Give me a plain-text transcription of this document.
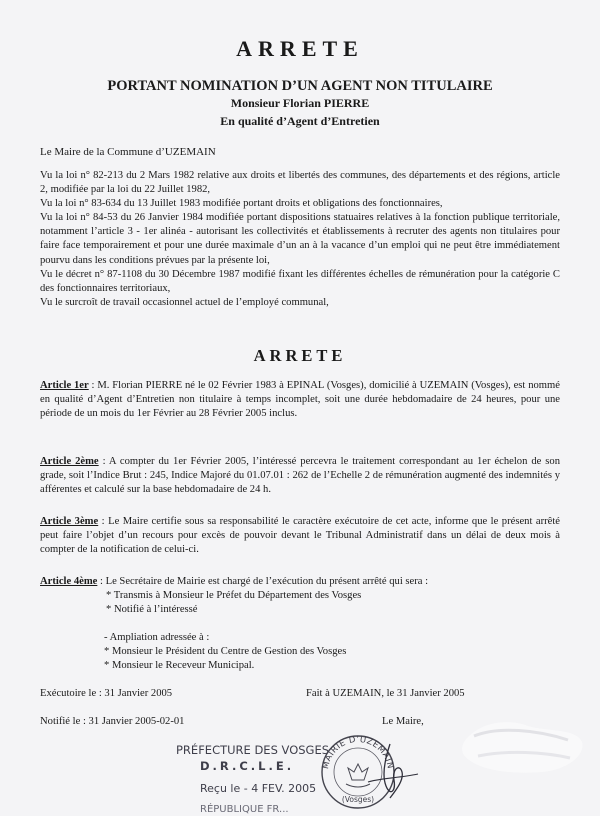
ARRETE
PORTANT NOMINATION D’UN AGENT NON TITULAIRE
Monsieur Florian PIERRE
En qualité d’Agent d’Entretien
Le Maire de la Commune d’UZEMAIN

Vu la loi n° 82-213 du 2 Mars 1982 relative aux droits et libertés des communes, des départements et des régions, article 2, modifiée par la loi du 22 Juillet 1982,

Vu la loi n° 83-634 du 13 Juillet 1983 modifiée portant droits et obligations des fonctionnaires,

Vu la loi n° 84-53 du 26 Janvier 1984 modifiée portant dispositions statuaires relatives à la fonction publique territoriale, notamment l’article 3 - 1er alinéa - autorisant les collectivités et établissements à recruter des agents non titulaires pour faire face temporairement et pour une durée maximale d’un an à la vacance d’un emploi qui ne peut être immédiatement pourvu dans les conditions prévues par la présente loi,

Vu le décret n° 87-1108 du 30 Décembre 1987 modifié fixant les différentes échelles de rémunération pour la catégorie C des fonctionnaires territoriaux,

Vu le surcroît de travail occasionnel actuel de l’employé communal,

ARRETE
Article 1er : M. Florian PIERRE né le 02 Février 1983 à EPINAL (Vosges), domicilié à UZEMAIN (Vosges), est nommé en qualité d’Agent d’Entretien non titulaire à temps incomplet, soit une durée hebdomadaire de 24 heures, pour une période de un mois du 1er Février au 28 Février 2005 inclus.
Article 2ème : A compter du 1er Février 2005, l’intéressé percevra le traitement correspondant au 1er échelon de son grade, soit l’Indice Brut : 245, Indice Majoré du 01.07.01 : 262 de l’Echelle 2 de rémunération augmenté des indemnités y afférentes et calculé sur la base hebdomadaire de 24 h.
Article 3ème : Le Maire certifie sous sa responsabilité le caractère exécutoire de cet acte, informe que le présent arrêté peut faire l’objet d’un recours pour excès de pouvoir devant le Tribunal Administratif dans un délai de deux mois à compter de la notification de celui-ci.
Article 4ème : Le Secrétaire de Mairie est chargé de l’exécution du présent arrêté qui sera :
* Transmis à Monsieur le Préfet du Département des Vosges
* Notifié à l’intéressé
- Ampliation adressée à :
* Monsieur le Président du Centre de Gestion des Vosges
* Monsieur le Receveur Municipal.
Exécutoire le : 31 Janvier 2005	Fait à UZEMAIN, le 31 Janvier 2005
Notifié le : 31 Janvier 2005-02-01	Le Maire,
PRÉFECTURE DES VOSGES
D.R.C.L.E.
Reçu le - 4 FEV. 2005
RÉPUBLIQUE FR...
MAIRIE D’UZEMAIN
(Vosges)
